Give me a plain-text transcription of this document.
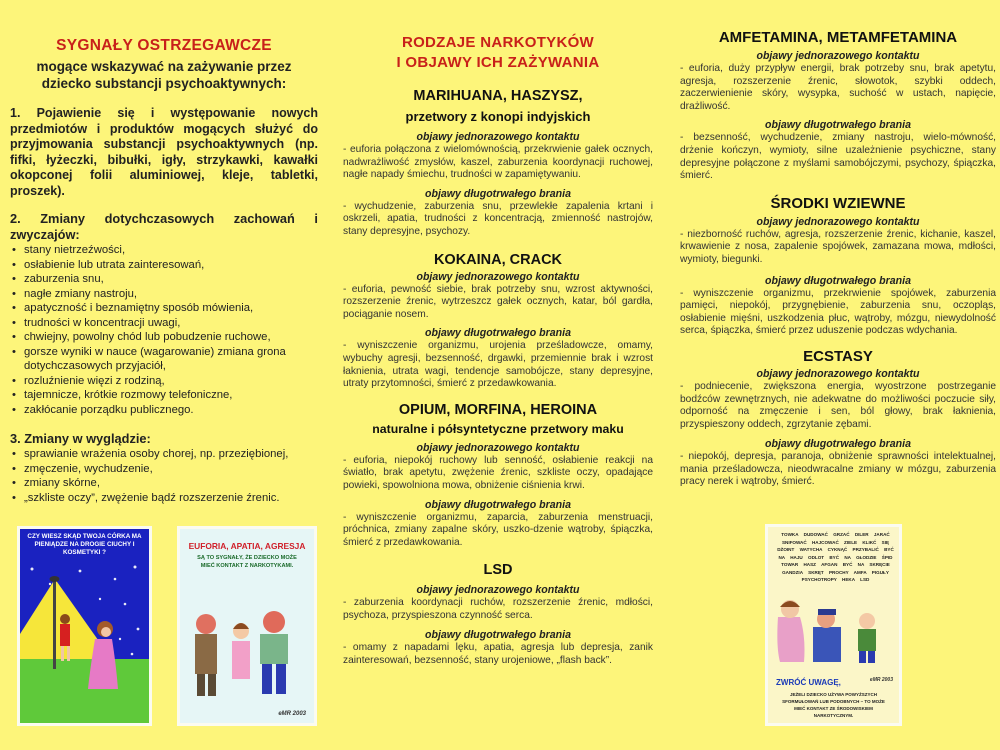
SYGNAŁY OSTRZEGAWCZE
mogące wskazywać na zażywanie przez
dziecko substancji psychoaktywnych:
1. Pojawienie się i występowanie nowych przedmiotów i produktów mogących służyć do przyjmowania substancji psychoaktywnych (np. fifki, łyżeczki, bibułki, igły, strzykawki, kawałki okopconej folii aluminiowej, kleje, tabletki, proszek).
2. Zmiany dotychczasowych zachowań i zwyczajów:
• stany nietrzeźwości,
• osłabienie lub utrata zainteresowań,
• zaburzenia snu,
• nagłe zmiany nastroju,
• apatyczność i beznamiętny sposób mówienia,
• trudności w koncentracji uwagi,
• chwiejny, powolny chód lub pobudzenie ruchowe,
• gorsze wyniki w nauce (wagarowanie) zmiana grona dotychczasowych przyjaciół,
• rozluźnienie więzi z rodziną,
• tajemnicze, krótkie rozmowy telefoniczne,
• zakłócanie porządku publicznego.
3. Zmiany w wyglądzie:
• sprawianie wrażenia osoby chorej, np. przeziębionej,
• zmęczenie, wychudzenie,
• zmiany skórne,
• „szkliste oczy”, zwężenie bądź rozszerzenie źrenic.
CZY WIESZ SKĄD TWOJA CÓRKA MA PIENIĄDZE NA DROGIE CIUCHY I KOSMETYKI ?
EUFORIA, APATIA, AGRESJA
SĄ TO SYGNAŁY, ŻE DZIECKO MOŻE MIEĆ KONTAKT Z NARKOTYKAMI.
eMR 2003
RODZAJE NARKOTYKÓW
I OBJAWY ICH ZAŻYWANIA
MARIHUANA, HASZYSZ,
przetwory z konopi indyjskich
objawy jednorazowego kontaktu
- euforia połączona z wielomównością, przekrwienie gałek ocznych, nadwrażliwość zmysłów, kaszel, zaburzenia koordynacji ruchowej, nagłe napady śmiechu, trudności w zapamiętywaniu.
objawy długotrwałego brania
- wychudzenie, zaburzenia snu, przewlekłe zapalenia krtani i oskrzeli, apatia, trudności z koncentracją, zmienność nastrojów, stany depresyjne, psychozy.
KOKAINA, CRACK
objawy jednorazowego kontaktu
- euforia, pewność siebie, brak potrzeby snu, wzrost aktywności, rozszerzenie źrenic, wytrzeszcz gałek ocznych, katar, ból gardła, pociąganie nosem.
objawy długotrwałego brania
- wyniszczenie organizmu, urojenia prześladowcze, omamy, wybuchy agresji, bezsenność, drgawki, przemiennie brak i wzrost łaknienia, utrata wagi, tendencje samobójcze, stany depresyjne, utraty przytomności, śmierć z przedawkowania.
OPIUM, MORFINA, HEROINA
naturalne i półsyntetyczne przetwory maku
objawy jednorazowego kontaktu
- euforia, niepokój ruchowy lub senność, osłabienie reakcji na światło, brak apetytu, zwężenie źrenic, szkliste oczy, opadające powieki, spowolniona mowa, obniżenie ciśnienia krwi.
objawy długotrwałego brania
- wyniszczenie organizmu, zaparcia, zaburzenia menstruacji, próchnica, zmiany zapalne skóry, uszko-dzenie wątroby, śpiączka, śmierć z przedawkowania.
LSD
objawy jednorazowego kontaktu
- zaburzenia koordynacji ruchów, rozszerzenie źrenic, mdłości, psychoza, przyspieszona czynność serca.
objawy długotrwałego brania
- omamy z napadami lęku, apatia, agresja lub depresja, zanik zainteresowań, bezsenność, stany urojeniowe, „flash back”.
AMFETAMINA, METAMFETAMINA
objawy jednorazowego kontaktu
- euforia, duży przypływ energii, brak potrzeby snu, brak apetytu, agresja, rozszerzenie źrenic, słowotok, szybki oddech, zaczerwienienie skóry, wysypka, suchość w ustach, napięcie, drażliwość.
objawy długotrwałego brania
- bezsenność, wychudzenie, zmiany nastroju, wielo-mówność, drżenie kończyn, wymioty, silne uzależnienie psychiczne, stany depresyjne połączone z myślami samobójczymi, psychozy, śpiączka, śmierć.
ŚRODKI WZIEWNE
objawy jednorazowego kontaktu
- niezborność ruchów, agresja, rozszerzenie źrenic, kichanie, kaszel, krwawienie z nosa, zapalenie spojówek, zamazana mowa, mdłości, wymioty, biegunki.
objawy długotrwałego brania
- wyniszczenie organizmu, przekrwienie spojówek, zaburzenia pamięci, niepokój, przygnębienie, zaburzenia snu, oczopląs, osłabienie mięśni, uszkodzenia płuc, wątroby, mózgu, niewydolność serca, śpiączka, śmierć przez uduszenie podczas wdychania.
ECSTASY
objawy jednorazowego kontaktu
- podniecenie, zwiększona energia, wyostrzone postrzeganie bodźców zewnętrznych, nie adekwatne do możliwości poczucie siły, odporność na zmęczenie i sen, ból głowy, brak łaknienia, przyspieszony oddech, zgrzytanie zębami.
objawy długotrwałego brania
- niepokój, depresja, paranoja, obniżenie sprawności intelektualnej, mania prześladowcza, nieodwracalne zmiany w mózgu, zaburzenia pracy nerek i wątroby, śmierć.
TOWKA DUDOWAĆ GRZAĆ DILER JARAĆ SNIFOWAĆ HAJCOWAĆ ZIELE KLIKĆ SIĘ DŻOINT WATYCHA CYKNĄĆ PRZYBALIĆ BYĆ NA HAJU ODLOT BYĆ NA GŁODZIE ŚPID TOWAR HASZ AFGAN BYĆ NA SKRĘCIE GANDZIA SKRĘT PROCHY AMFA PIGUŁY PSYCHOTROPY HEKA LSD
ZWRÓĆ UWAGĘ,	eMR 2003
JEŻELI DZIECKO UŻYWA POWYŻSZYCH SFORMUŁOWAŃ LUB PODOBNYCH – TO MOŻE MIEĆ KONTAKT ZE ŚRODOWISKIEM NARKOTYCZNYM.
